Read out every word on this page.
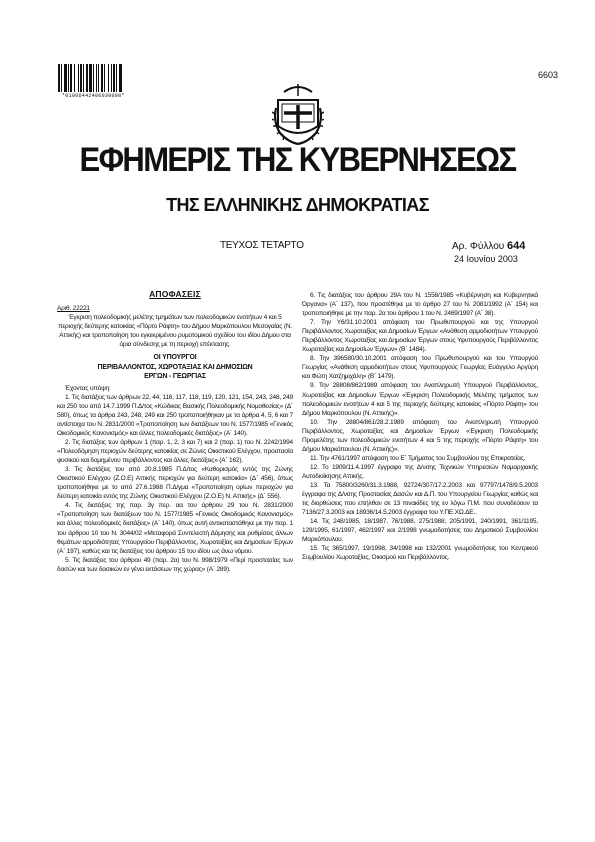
*01006442406030008*
6603
ΕΦΗΜΕΡΙΣ ΤΗΣ ΚΥΒΕΡΝΗΣΕΩΣ
ΤΗΣ ΕΛΛΗΝΙΚΗΣ ΔΗΜΟΚΡΑΤΙΑΣ
ΤΕΥΧΟΣ ΤΕΤΑΡΤΟ	Αρ. Φύλλου 644
24 Ιουνίου 2003
ΑΠΟΦΑΣΕΙΣ

Αριθ. 22221

Έγκριση πολεοδομικής μελέτης τμημάτων των πολεοδομικών ενοτήτων 4 και 5 περιοχής δεύτερης κατοικίας «Πόρτο Ράφτη» του Δήμου Μαρκόπουλου Μεσογαίας (Ν. Αττικής) και τροποποίηση του εγκεκριμένου ρυμοτομικού σχεδίου του ιδίου Δήμου στα όρια σύνδεσης με τη περιοχή επέκτασης.

ΟΙ ΥΠΟΥΡΓΟΙ
ΠΕΡΙΒΑΛΛΟΝΤΟΣ, ΧΩΡΟΤΑΞΙΑΣ ΚΑΙ ΔΗΜΟΣΙΩΝ
ΕΡΓΩΝ - ΓΕΩΡΓΙΑΣ

Έχοντας υπόψη:

1. Τις διατάξεις των άρθρων 22, 44, 116, 117, 118, 119, 120, 121, 154, 243, 248, 249 και 250 του από 14.7.1999 Π.Δ/τος «Κώδικας Βασικής Πολεοδομικής Νομοθεσίας» (Δ΄ 580), όπως τα άρθρα 243, 248, 249 και 250 τροποποιήθηκαν με τα άρθρα 4, 5, 6 και 7 αντίστοιχα του Ν. 2831/2000 «Τροποποίηση των διατάξεων του Ν. 1577/1985 «Γενικός Οικοδομικός Κανονισμός» και άλλες πολεοδομικές διατάξεις» (Α΄ 140).

2. Τις διατάξεις των άρθρων 1 (παρ. 1, 2, 3 και 7) και 2 (παρ. 1) του Ν. 2242/1994 «Πολεοδόμηση περιοχών δεύτερης κατοικίας σε Ζώνες Οικιστικού Ελέγχου, προστασία φυσικού και δομημένου περιβάλλοντος και άλλες διατάξεις» (Α΄ 162).

3. Τις διατάξεις του από 20.8.1985 Π.Δ/τος «Καθορισμός εντός της Ζώνης Οικιστικού Ελέγχου (Ζ.Ο.Ε) Αττικής περιοχών για δεύτερη κατοικία» (Δ΄ 456), όπως τροποποιήθηκε με το από 27.6.1988 Π.Δ/γμα «Τροποποίηση ορίων περιοχών για δεύτερη κατοικία εντός της Ζώνης Οικιστικού Ελέγχου (Ζ.Ο.Ε) Ν. Αττικής» (Δ΄ 556).

4. Τις διατάξεις της παρ. 3γ περ. αα του άρθρου 29 του Ν. 2831/2000 «Τροποποίηση των διατάξεων του Ν. 1577/1985 «Γενικός Οικοδομικός Κανονισμός» και άλλες πολεοδομικές διατάξεις» (Α΄ 140), όπως αυτή αντικαταστάθηκε με την παρ. 1 του άρθρου 10 του Ν. 3044/02 «Μεταφορά Συντελεστή Δόμησης και ρυθμίσεις άλλων θεμάτων αρμοδιότητας Υπουργείου Περιβάλλοντος, Χωροταξίας και Δημοσίων Έργων (Α΄ 197), καθώς και τις διατάξεις του άρθρου 15 του ιδίου ως άνω νόμου.

5. Τις διατάξεις του άρθρου 49 (παρ. 2α) του Ν. 998/1979 «Περί προστασίας των δασών και των δασικών εν γένει εκτάσεων της χώρας» (Α΄ 289).

6. Τις διατάξεις του άρθρου 29Α του Ν. 1558/1985 «Κυβέρνηση και Κυβερνητικά Όργανα» (Α΄ 137), που προστέθηκε με το άρθρο 27 του Ν. 2081/1992 (Α΄ 154) και τροποποιήθηκε με την παρ. 2α του άρθρου 1 του Ν. 2469/1997 (Α΄ 38).

7. Την Υ6/31.10.2001 απόφαση του Πρωθυπουργού και της Υπουργού Περιβάλλοντος Χωροταξίας και Δημοσίων Έργων «Ανάθεση αρμοδιοτήτων Υπουργού Περιβάλλοντος Χωροταξίας και Δημοσίων Έργων στους Υφυπουργούς Περιβάλλοντος Χωροταξίας και Δημοσίων Έργων» (Β΄ 1484).

8. Την 396580/30.10.2001 απόφαση του Πρωθυπουργού και του Υπουργού Γεωργίας «Ανάθεση αρμοδιοτήτων στους Υφυπουργούς Γεωργίας Ευάγγελο Αργύρη και Φώτη Χατζημιχάλη» (Β΄ 1479).

9. Την 28808/862/1989 απόφαση του Αναπληρωτή Υπουργού Περιβάλλοντος, Χωροταξίας και Δημοσίων Έργων «Έγκριση Πολεοδομικής Μελέτης τμήματος των πολεοδομικών ενοτήτων 4 και 5 της περιοχής δεύτερης κατοικίας «Πόρτο Ράφτη» του Δήμου Μαρκόπουλου (Ν. Αττικής)».

10. Την 28804/861/28.2.1989 απόφαση του Αναπληρωτή Υπουργού Περιβάλλοντος, Χωροταξίας και Δημοσίων Έργων «Έγκριση Πολεοδομικής Προμελέτης των πολεοδομικών ενοτήτων 4 και 5 της περιοχής «Πόρτο Ράφτη» του Δήμου Μαρκόπουλου (Ν. Αττικής)».

11. Την 4761/1997 απόφαση του Ε΄ Τμήματος του Συμβουλίου της Επικρατείας.

12. Το 1909/11.4.1997 έγγραφο της Δ/νσης Τεχνικών Υπηρεσιών Νομαρχιακής Αυτοδιοίκησης Αττικής.

13. Τα 75800/3260/31.3.1988, 92724/307/17.2.2003 και 97797/1478/9.5.2003 έγγραφα της Δ/νσης Προστασίας Δασών και Δ.Π. του Υπουργείου Γεωργίας καθώς και τις διορθώσεις που επήλθαν σε 13 πινακίδες της εν λόγω Π.Μ. που συνοδεύουν τα 7136/27.3.2003 και 18936/14.5.2003 έγγραφα του Υ.ΠΕ.ΧΩ.ΔΕ..

14. Τις 248/1985, 18/1987, 76/1988, 275/1988, 205/1991, 240/1991, 361/1195, 129/1995, 61/1997, 462/1997 και 2/1998 γνωμοδοτήσεις του Δημοτικού Συμβουλίου Μαρκόπουλου.

15. Τις 365/1997, 19/1998, 34/1998 και 132/2001 γνωμοδοτήσεις του Κεντρικού Συμβουλίου Χωροταξίας, Οικισμού και Περιβάλλοντος.
